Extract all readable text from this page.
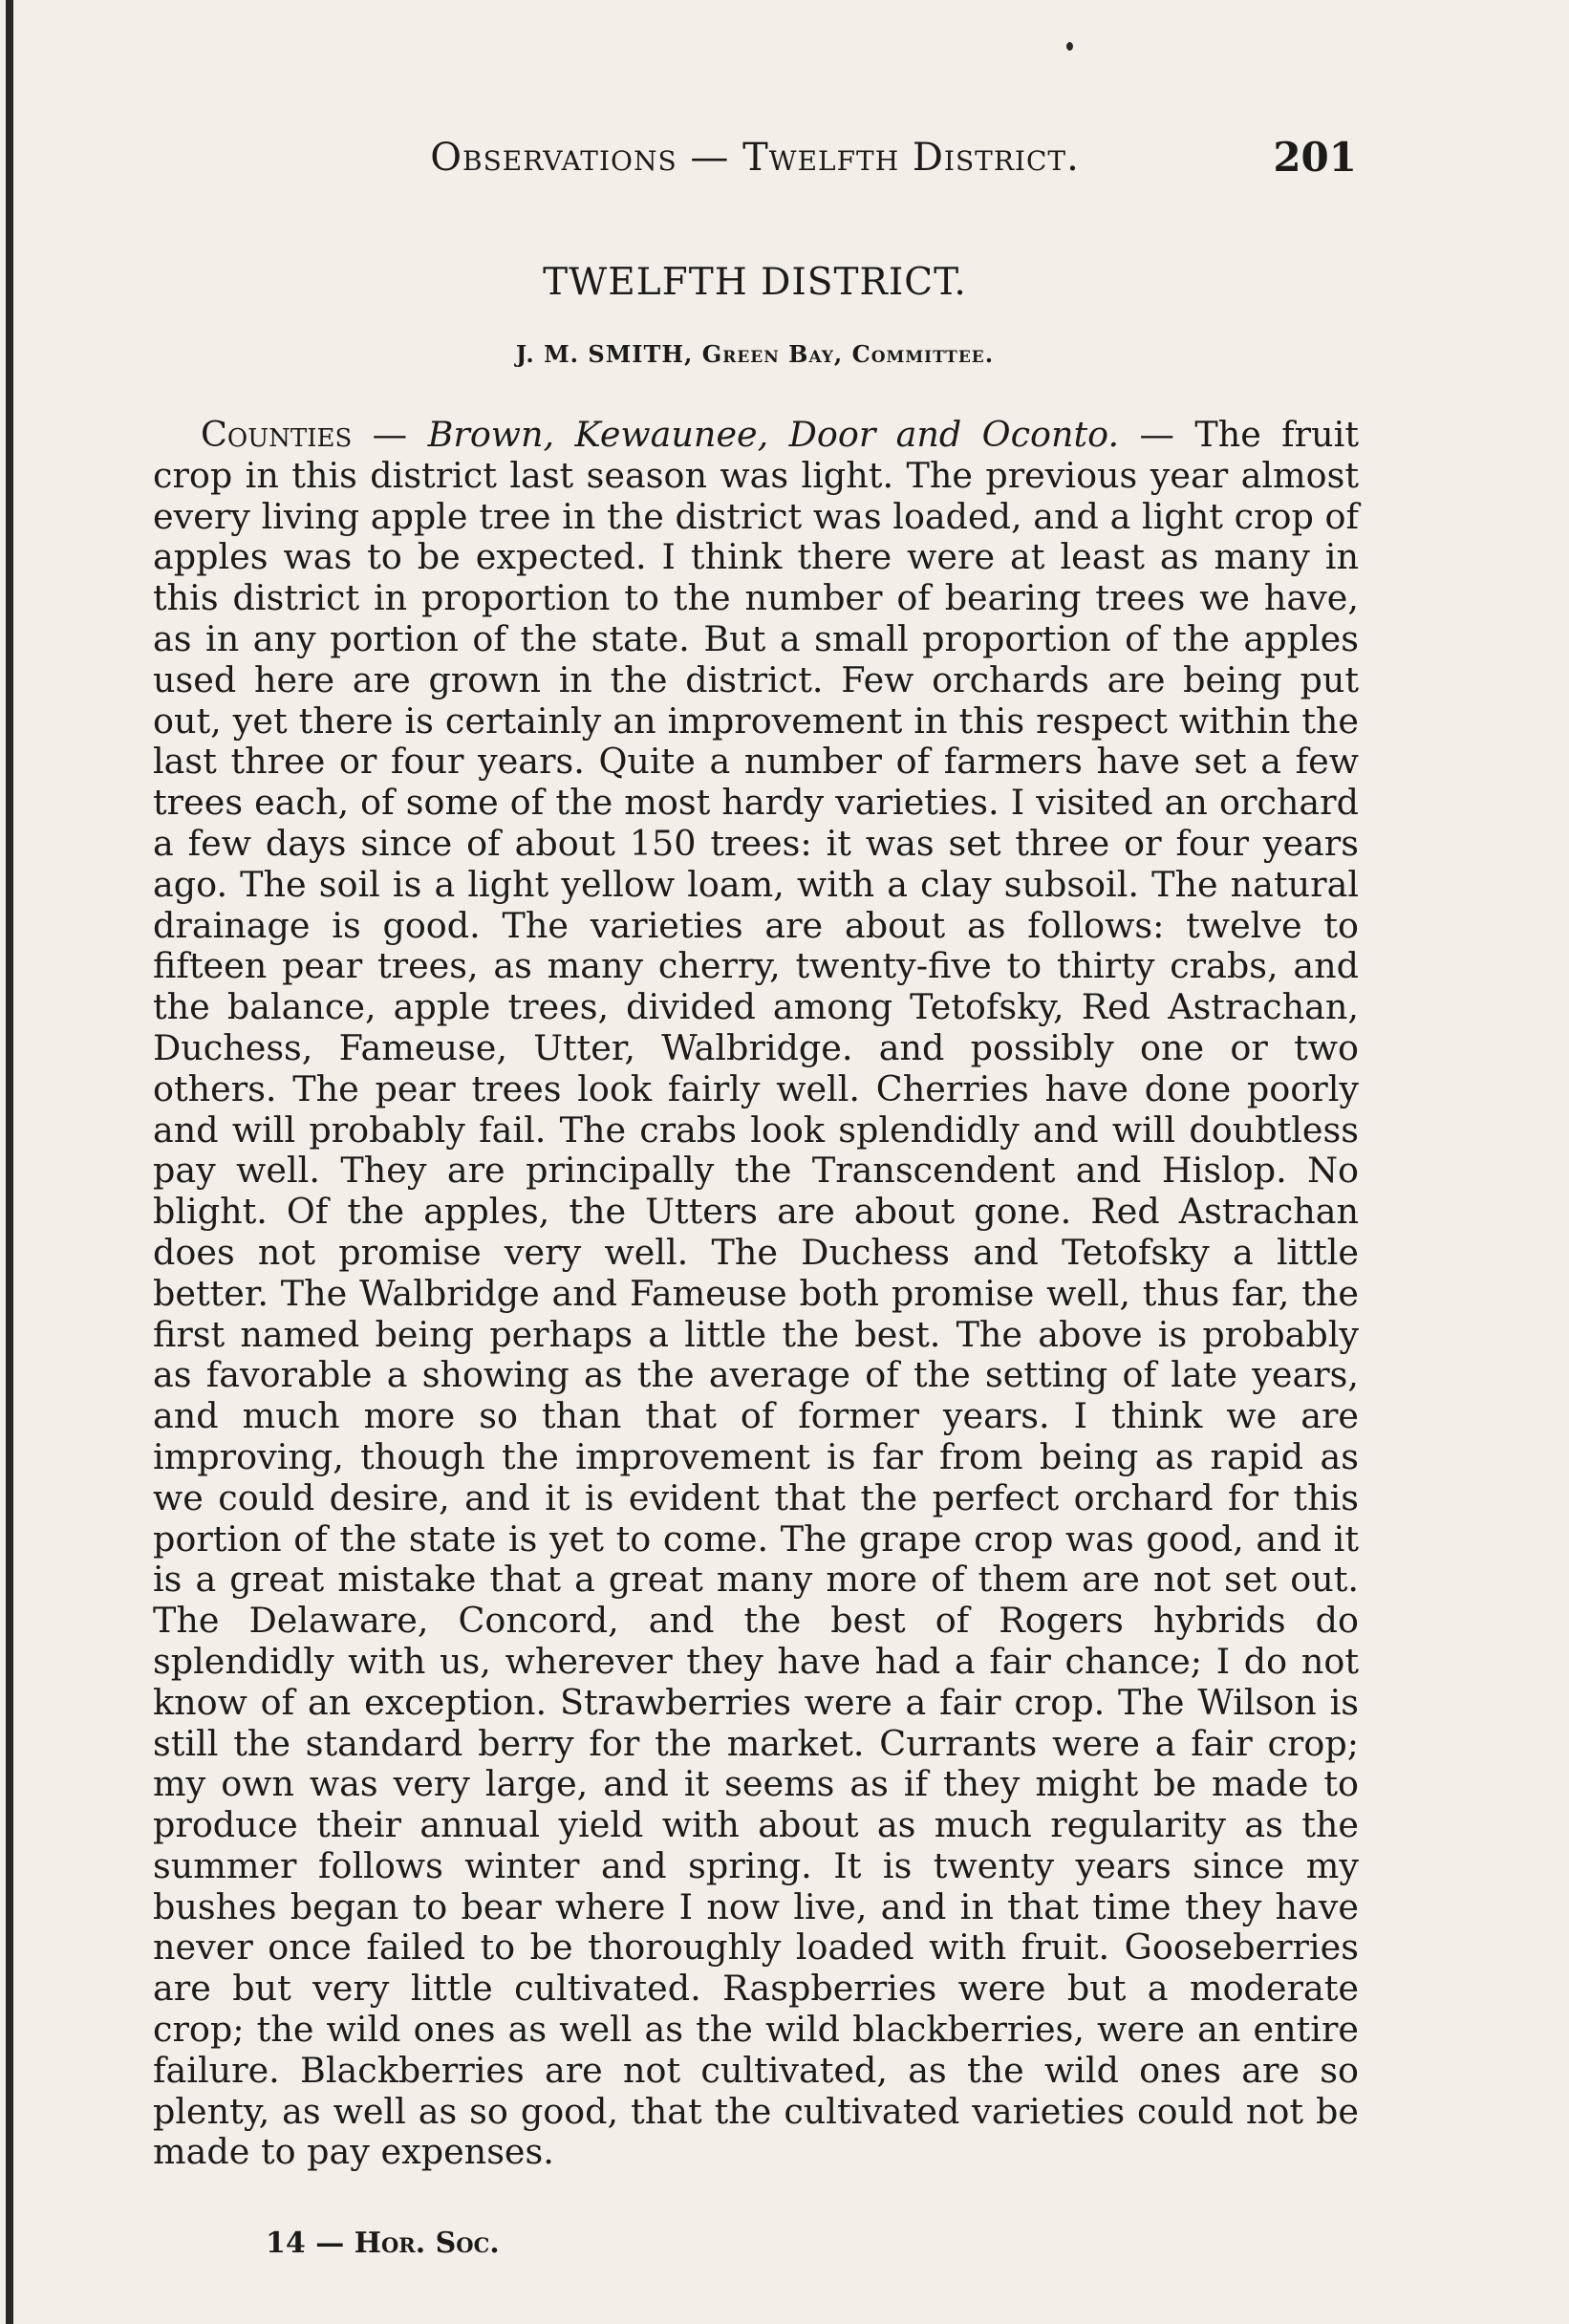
Observations — Twelfth District.	201
TWELFTH DISTRICT.
J. M. SMITH, Green Bay, Committee.

Counties — Brown, Kewaunee, Door and Oconto. — The fruit crop in this district last season was light. The previous year almost every living apple tree in the district was loaded, and a light crop of apples was to be expected. I think there were at least as many in this district in proportion to the number of bearing trees we have, as in any portion of the state. But a small proportion of the apples used here are grown in the district. Few orchards are being put out, yet there is certainly an improvement in this respect within the last three or four years. Quite a number of farmers have set a few trees each, of some of the most hardy varieties. I visited an orchard a few days since of about 150 trees: it was set three or four years ago. The soil is a light yellow loam, with a clay subsoil. The natural drainage is good. The varieties are about as follows: twelve to fifteen pear trees, as many cherry, twenty-five to thirty crabs, and the balance, apple trees, divided among Tetofsky, Red Astrachan, Duchess, Fameuse, Utter, Walbridge. and possibly one or two others. The pear trees look fairly well. Cherries have done poorly and will probably fail. The crabs look splendidly and will doubtless pay well. They are principally the Transcendent and Hislop. No blight. Of the apples, the Utters are about gone. Red Astrachan does not promise very well. The Duchess and Tetofsky a little better. The Walbridge and Fameuse both promise well, thus far, the first named being perhaps a little the best. The above is probably as favorable a showing as the average of the setting of late years, and much more so than that of former years. I think we are improving, though the improvement is far from being as rapid as we could desire, and it is evident that the perfect orchard for this portion of the state is yet to come. The grape crop was good, and it is a great mistake that a great many more of them are not set out. The Delaware, Concord, and the best of Rogers hybrids do splendidly with us, wherever they have had a fair chance; I do not know of an exception. Strawberries were a fair crop. The Wilson is still the standard berry for the market. Currants were a fair crop; my own was very large, and it seems as if they might be made to produce their annual yield with about as much regularity as the summer follows winter and spring. It is twenty years since my bushes began to bear where I now live, and in that time they have never once failed to be thoroughly loaded with fruit. Gooseberries are but very little cultivated. Raspberries were but a moderate crop; the wild ones as well as the wild blackberries, were an entire failure. Blackberries are not cultivated, as the wild ones are so plenty, as well as so good, that the cultivated varieties could not be made to pay expenses.

14 — Hor. Soc.
